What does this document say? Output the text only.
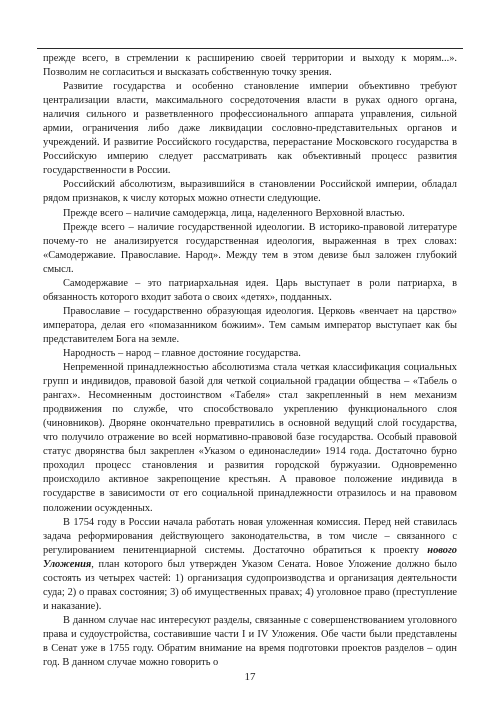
прежде всего, в стремлении к расширению своей территории и выходу к морям...». Позволим не согласиться и высказать собственную точку зрения.

Развитие государства и особенно становление империи объективно требуют централизации власти, максимального сосредоточения власти в руках одного органа, наличия сильного и разветвленного профессионального аппарата управления, сильной армии, ограничения либо даже ликвидации сословно-представительных органов и учреждений. И развитие Российского государства, перерастание Московского государства в Российскую империю следует рассматривать как объективный процесс развития государственности в России.

Российский абсолютизм, выразившийся в становлении Российской империи, обладал рядом признаков, к числу которых можно отнести следующие.

Прежде всего – наличие самодержца, лица, наделенного Верховной властью.

Прежде всего – наличие государственной идеологии. В историко-правовой литературе почему-то не анализируется государственная идеология, выраженная в трех словах: «Самодержавие. Православие. Народ». Между тем в этом девизе был заложен глубокий смысл.

Самодержавие – это патриархальная идея. Царь выступает в роли патриарха, в обязанность которого входит забота о своих «детях», подданных.

Православие – государственно образующая идеология. Церковь «венчает на царство» императора, делая его «помазанником божиим». Тем самым император выступает как бы представителем Бога на земле.

Народность – народ – главное достояние государства.

Непременной принадлежностью абсолютизма стала четкая классификация социальных групп и индивидов, правовой базой для четкой социальной градации общества – «Табель о рангах». Несомненным достоинством «Табеля» стал закрепленный в нем механизм продвижения по службе, что способствовало укреплению функционального слоя (чиновников). Дворяне окончательно превратились в основной ведущий слой государства, что получило отражение во всей нормативно-правовой базе государства. Особый правовой статус дворянства был закреплен «Указом о единонаследии» 1914 года. Достаточно бурно проходил процесс становления и развития городской буржуазии. Одновременно происходило активное закрепощение крестьян. А правовое положение индивида в государстве в зависимости от его социальной принадлежности отразилось и на правовом положении осужденных.

В 1754 году в России начала работать новая уложенная комиссия. Перед ней ставилась задача реформирования действующего законодательства, в том числе – связанного с регулированием пенитенциарной системы. Достаточно обратиться к проекту нового Уложения, план которого был утвержден Указом Сената. Новое Уложение должно было состоять из четырех частей: 1) организация судопроизводства и организация деятельности суда; 2) о правах состояния; 3) об имущественных правах; 4) уголовное право (преступление и наказание).

В данном случае нас интересуют разделы, связанные с совершенствованием уголовного права и судоустройства, составившие части I и IV Уложения. Обе части были представлены в Сенат уже в 1755 году. Обратим внимание на время подготовки проектов разделов – один год. В данном случае можно говорить о

17
